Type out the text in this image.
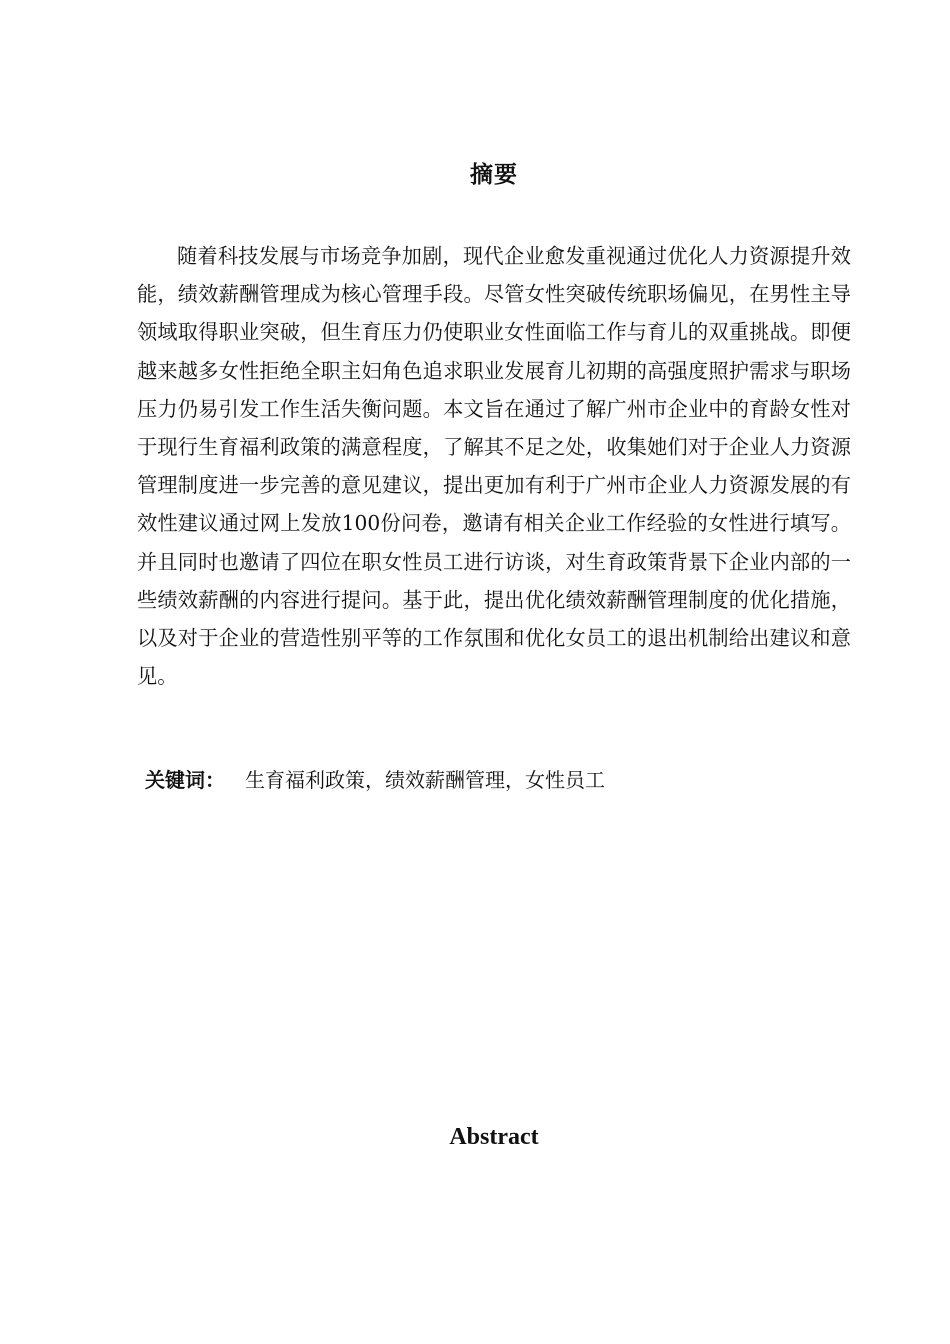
摘要

随着科技发展与市场竞争加剧，现代企业愈发重视通过优化人力资源提升效能，绩效薪酬管理成为核心管理手段。尽管女性突破传统职场偏见，在男性主导领域取得职业突破，但生育压力仍使职业女性面临工作与育儿的双重挑战。即便越来越多女性拒绝全职主妇角色追求职业发展育儿初期的高强度照护需求与职场压力仍易引发工作生活失衡问题。本文旨在通过了解广州市企业中的育龄女性对于现行生育福利政策的满意程度，了解其不足之处，收集她们对于企业人力资源管理制度进一步完善的意见建议，提出更加有利于广州市企业人力资源发展的有效性建议通过网上发放100份问卷，邀请有相关企业工作经验的女性进行填写。并且同时也邀请了四位在职女性员工进行访谈，对生育政策背景下企业内部的一些绩效薪酬的内容进行提问。基于此，提出优化绩效薪酬管理制度的优化措施，以及对于企业的营造性别平等的工作氛围和优化女员工的退出机制给出建议和意见。

关键词： 生育福利政策，绩效薪酬管理，女性员工
Abstract
